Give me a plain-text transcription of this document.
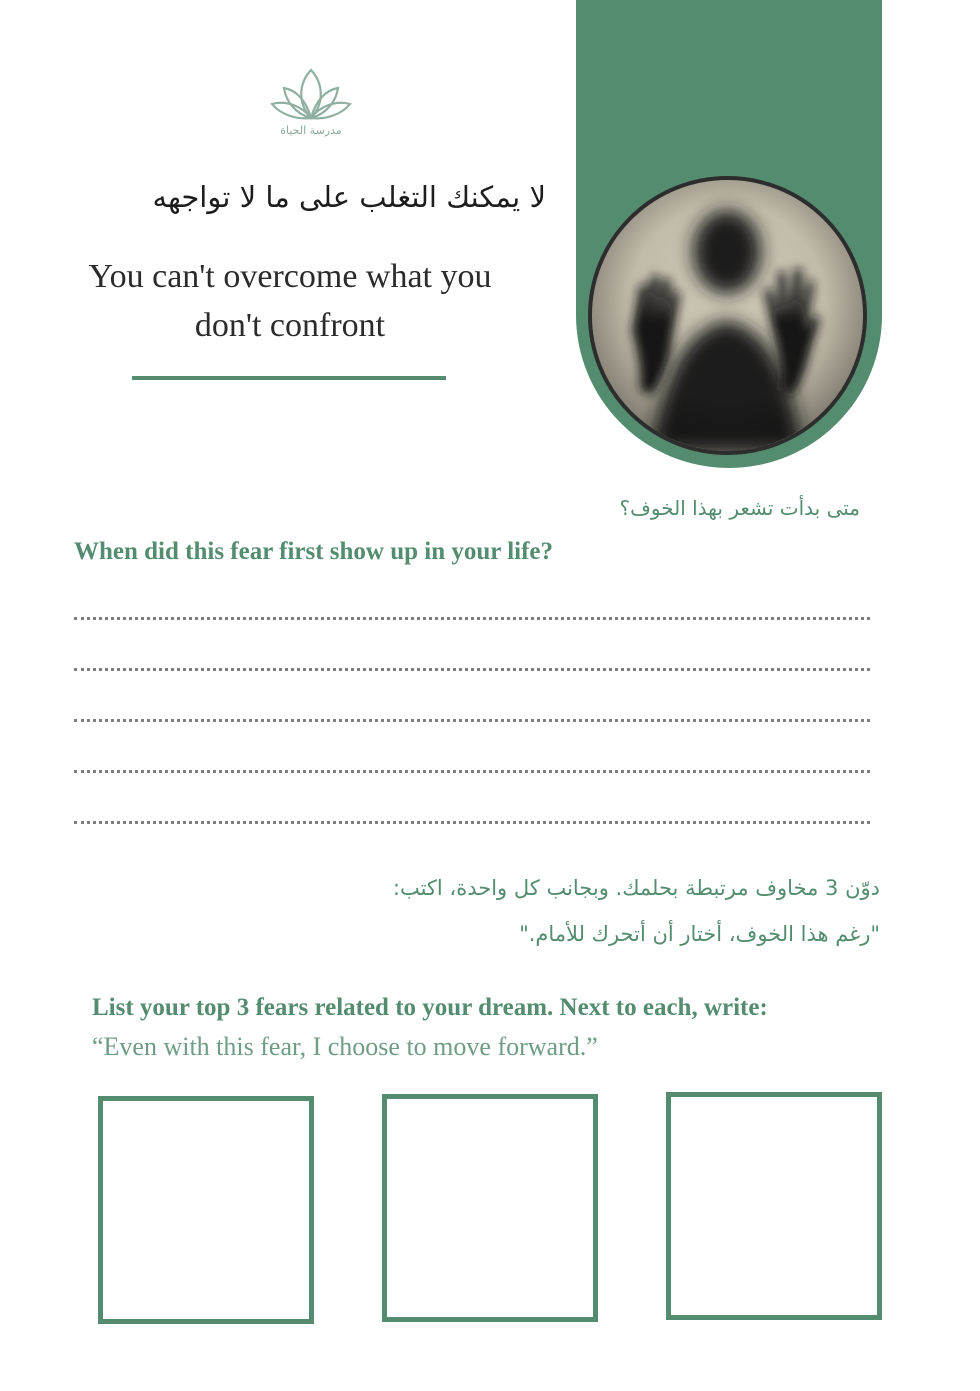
مدرسة الحياة
لا يمكنك التغلب على ما لا تواجهه
You can't overcome what you
don't confront
متى بدأت تشعر بهذا الخوف؟
When did this fear first show up in your life?
دوّن 3 مخاوف مرتبطة بحلمك. وبجانب كل واحدة، اكتب:
"رغم هذا الخوف، أختار أن أتحرك للأمام."
List your top 3 fears related to your dream. Next to each, write:
“Even with this fear, I choose to move forward.”
